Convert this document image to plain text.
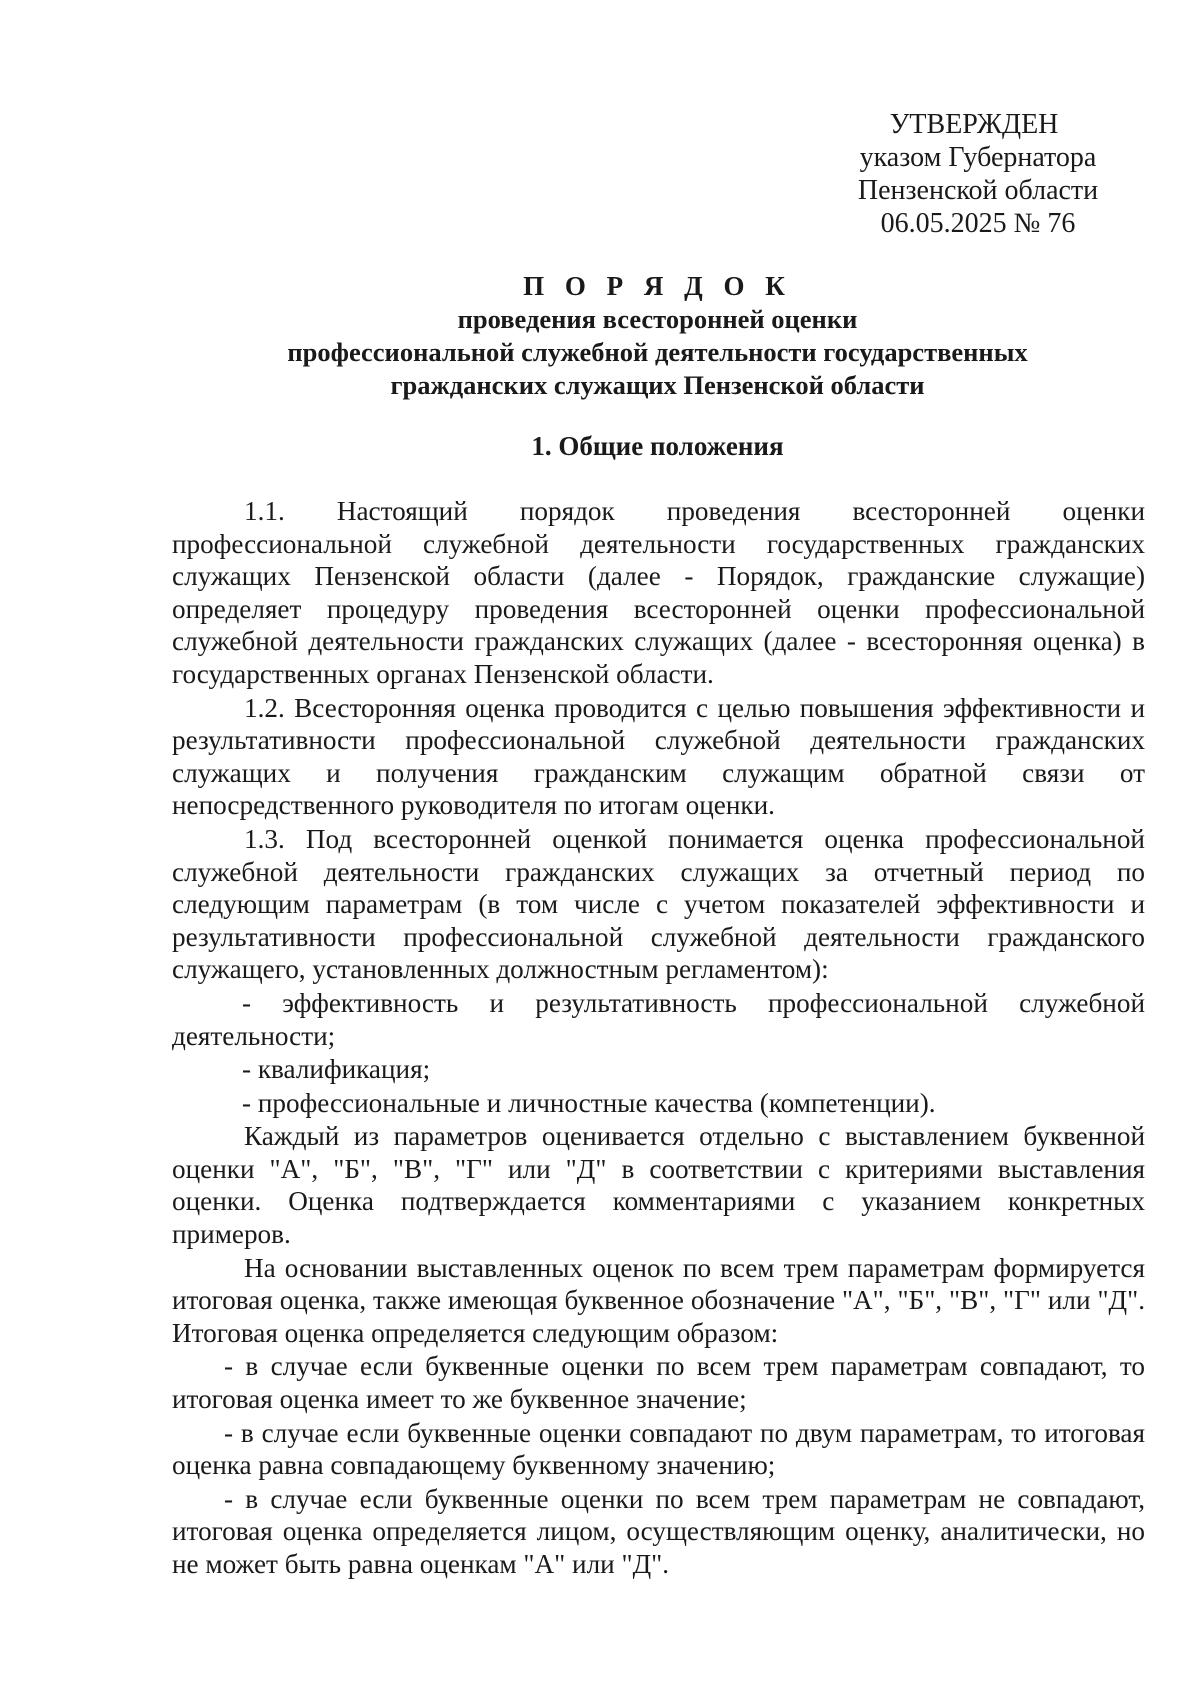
УТВЕРЖДЕН
указом Губернатора
Пензенской области
06.05.2025 № 76
П О Р Я Д О К
проведения всесторонней оценки
профессиональной служебной деятельности государственных
гражданских служащих Пензенской области
1. Общие положения

1.1. Настоящий порядок проведения всесторонней оценки профессиональной служебной деятельности государственных гражданских служащих Пензенской области (далее - Порядок, гражданские служащие) определяет процедуру проведения всесторонней оценки профессиональной служебной деятельности гражданских служащих (далее - всесторонняя оценка) в государственных органах Пензенской области.

1.2. Всесторонняя оценка проводится с целью повышения эффективности и результативности профессиональной служебной деятельности гражданских служащих и получения гражданским служащим обратной связи от непосредственного руководителя по итогам оценки.

1.3. Под всесторонней оценкой понимается оценка профессиональной служебной деятельности гражданских служащих за отчетный период по следующим параметрам (в том числе с учетом показателей эффективности и результативности профессиональной служебной деятельности гражданского служащего, установленных должностным регламентом):

- эффективность и результативность профессиональной служебной деятельности;

- квалификация;

- профессиональные и личностные качества (компетенции).

Каждый из параметров оценивается отдельно с выставлением буквенной оценки "А", "Б", "В", "Г" или "Д" в соответствии с критериями выставления оценки. Оценка подтверждается комментариями с указанием конкретных примеров.

На основании выставленных оценок по всем трем параметрам формируется итоговая оценка, также имеющая буквенное обозначение "А", "Б", "В", "Г" или "Д". Итоговая оценка определяется следующим образом:

- в случае если буквенные оценки по всем трем параметрам совпадают, то итоговая оценка имеет то же буквенное значение;

- в случае если буквенные оценки совпадают по двум параметрам, то итоговая оценка равна совпадающему буквенному значению;

- в случае если буквенные оценки по всем трем параметрам не совпадают, итоговая оценка определяется лицом, осуществляющим оценку, аналитически, но не может быть равна оценкам "А" или "Д".
